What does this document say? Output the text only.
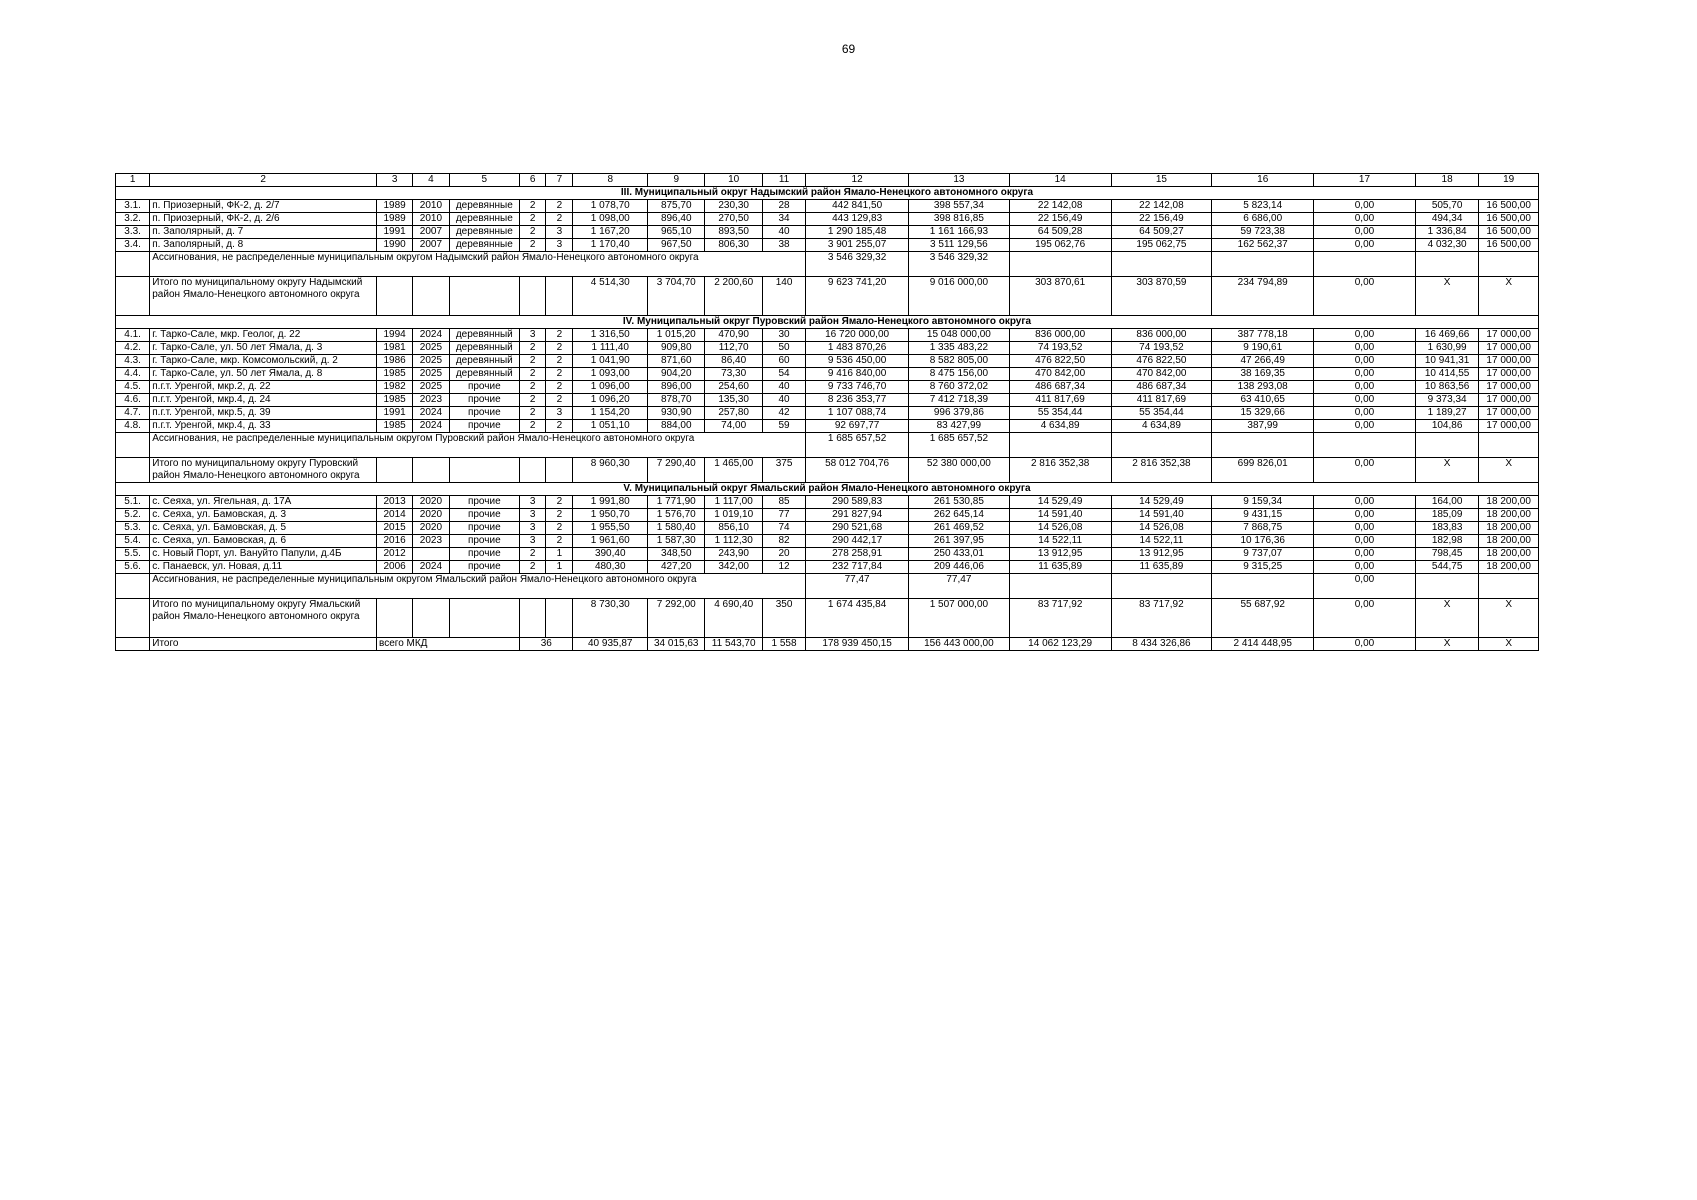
69
1	2	3	4	5	6	7	8	9	10	11	12	13	14	15	16	17	18	19
III. Муниципальный округ Надымский район Ямало-Ненецкого автономного округа																		
3.1.	п. Приозерный, ФК-2, д. 2/7	1989	2010	деревянные	2	2	1 078,70	875,70	230,30	28	442 841,50	398 557,34	22 142,08	22 142,08	5 823,14	0,00	505,70	16 500,00
3.2.	п. Приозерный, ФК-2, д. 2/6	1989	2010	деревянные	2	2	1 098,00	896,40	270,50	34	443 129,83	398 816,85	22 156,49	22 156,49	6 686,00	0,00	494,34	16 500,00
3.3.	п. Заполярный, д. 7	1991	2007	деревянные	2	3	1 167,20	965,10	893,50	40	1 290 185,48	1 161 166,93	64 509,28	64 509,27	59 723,38	0,00	1 336,84	16 500,00
3.4.	п. Заполярный, д. 8	1990	2007	деревянные	2	3	1 170,40	967,50	806,30	38	3 901 255,07	3 511 129,56	195 062,76	195 062,75	162 562,37	0,00	4 032,30	16 500,00
	Ассигнования, не распределенные муниципальным округом Надымский район Ямало-Ненецкого автономного округа										3 546 329,32	3 546 329,32						
	Итого по муниципальному округу Надымский район Ямало-Ненецкого автономного округа						4 514,30	3 704,70	2 200,60	140	9 623 741,20	9 016 000,00	303 870,61	303 870,59	234 794,89	0,00	X	X
IV. Муниципальный округ Пуровский район Ямало-Ненецкого автономного округа																		
4.1.	г. Тарко-Сале, мкр. Геолог, д. 22	1994	2024	деревянный	3	2	1 316,50	1 015,20	470,90	30	16 720 000,00	15 048 000,00	836 000,00	836 000,00	387 778,18	0,00	16 469,66	17 000,00
4.2.	г. Тарко-Сале, ул. 50 лет Ямала, д. 3	1981	2025	деревянный	2	2	1 111,40	909,80	112,70	50	1 483 870,26	1 335 483,22	74 193,52	74 193,52	9 190,61	0,00	1 630,99	17 000,00
4.3.	г. Тарко-Сале, мкр. Комсомольский, д. 2	1986	2025	деревянный	2	2	1 041,90	871,60	86,40	60	9 536 450,00	8 582 805,00	476 822,50	476 822,50	47 266,49	0,00	10 941,31	17 000,00
4.4.	г. Тарко-Сале, ул. 50 лет Ямала, д. 8	1985	2025	деревянный	2	2	1 093,00	904,20	73,30	54	9 416 840,00	8 475 156,00	470 842,00	470 842,00	38 169,35	0,00	10 414,55	17 000,00
4.5.	п.г.т. Уренгой, мкр.2, д. 22	1982	2025	прочие	2	2	1 096,00	896,00	254,60	40	9 733 746,70	8 760 372,02	486 687,34	486 687,34	138 293,08	0,00	10 863,56	17 000,00
4.6.	п.г.т. Уренгой, мкр.4, д. 24	1985	2023	прочие	2	2	1 096,20	878,70	135,30	40	8 236 353,77	7 412 718,39	411 817,69	411 817,69	63 410,65	0,00	9 373,34	17 000,00
4.7.	п.г.т. Уренгой, мкр.5, д. 39	1991	2024	прочие	2	3	1 154,20	930,90	257,80	42	1 107 088,74	996 379,86	55 354,44	55 354,44	15 329,66	0,00	1 189,27	17 000,00
4.8.	п.г.т. Уренгой, мкр.4, д. 33	1985	2024	прочие	2	2	1 051,10	884,00	74,00	59	92 697,77	83 427,99	4 634,89	4 634,89	387,99	0,00	104,86	17 000,00
	Ассигнования, не распределенные муниципальным округом Пуровский район Ямало-Ненецкого автономного округа										1 685 657,52	1 685 657,52						
	Итого по муниципальному округу Пуровский район Ямало-Ненецкого автономного округа						8 960,30	7 290,40	1 465,00	375	58 012 704,76	52 380 000,00	2 816 352,38	2 816 352,38	699 826,01	0,00	X	X
V. Муниципальный округ Ямальский район Ямало-Ненецкого автономного округа																		
5.1.	с. Сеяха, ул. Ягельная, д. 17А	2013	2020	прочие	3	2	1 991,80	1 771,90	1 117,00	85	290 589,83	261 530,85	14 529,49	14 529,49	9 159,34	0,00	164,00	18 200,00
5.2.	с. Сеяха, ул. Бамовская, д. 3	2014	2020	прочие	3	2	1 950,70	1 576,70	1 019,10	77	291 827,94	262 645,14	14 591,40	14 591,40	9 431,15	0,00	185,09	18 200,00
5.3.	с. Сеяха, ул. Бамовская, д. 5	2015	2020	прочие	3	2	1 955,50	1 580,40	856,10	74	290 521,68	261 469,52	14 526,08	14 526,08	7 868,75	0,00	183,83	18 200,00
5.4.	с. Сеяха, ул. Бамовская, д. 6	2016	2023	прочие	3	2	1 961,60	1 587,30	1 112,30	82	290 442,17	261 397,95	14 522,11	14 522,11	10 176,36	0,00	182,98	18 200,00
5.5.	с. Новый Порт, ул. Вануйто Папули, д.4Б	2012		прочие	2	1	390,40	348,50	243,90	20	278 258,91	250 433,01	13 912,95	13 912,95	9 737,07	0,00	798,45	18 200,00
5.6.	с. Панаевск, ул. Новая, д.11	2006	2024	прочие	2	1	480,30	427,20	342,00	12	232 717,84	209 446,06	11 635,89	11 635,89	9 315,25	0,00	544,75	18 200,00
	Ассигнования, не распределенные муниципальным округом Ямальский район Ямало-Ненецкого автономного округа										77,47	77,47				0,00		
	Итого по муниципальному округу Ямальский район Ямало-Ненецкого автономного округа						8 730,30	7 292,00	4 690,40	350	1 674 435,84	1 507 000,00	83 717,92	83 717,92	55 687,92	0,00	X	X
	Итого	всего МКД			36		40 935,87	34 015,63	11 543,70	1 558	178 939 450,15	156 443 000,00	14 062 123,29	8 434 326,86	2 414 448,95	0,00	X	X
